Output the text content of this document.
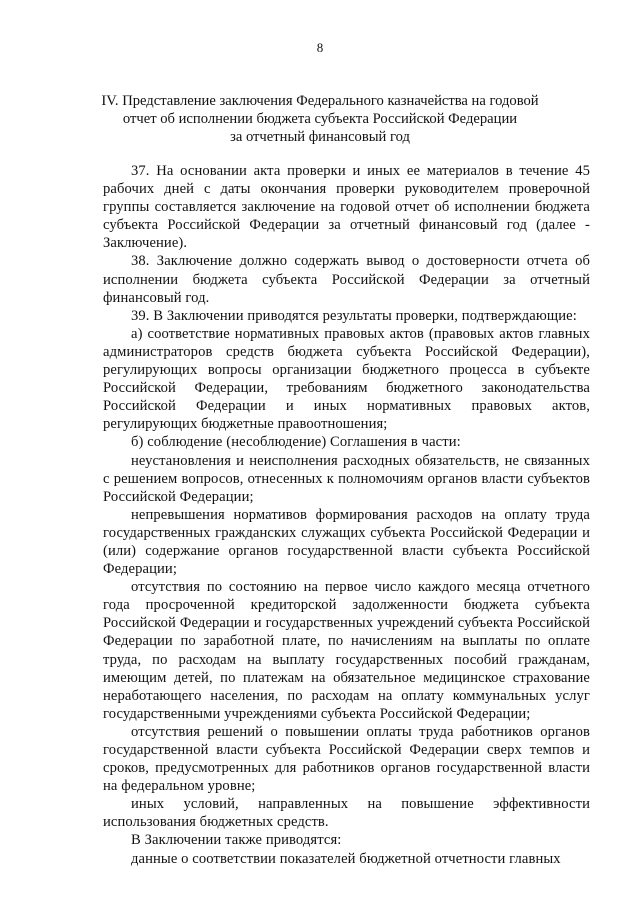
8
IV. Представление заключения Федерального казначейства на годовой
отчет об исполнении бюджета субъекта Российской Федерации
за отчетный финансовый год

37. На основании акта проверки и иных ее материалов в течение 45 рабочих дней с даты окончания проверки руководителем проверочной группы составляется заключение на годовой отчет об исполнении бюджета субъекта Российской Федерации за отчетный финансовый год (далее - Заключение).

38. Заключение должно содержать вывод о достоверности отчета об исполнении бюджета субъекта Российской Федерации за отчетный финансовый год.

39. В Заключении приводятся результаты проверки, подтверждающие:

а) соответствие нормативных правовых актов (правовых актов главных администраторов средств бюджета субъекта Российской Федерации), регулирующих вопросы организации бюджетного процесса в субъекте Российской Федерации, требованиям бюджетного законодательства Российской Федерации и иных нормативных правовых актов, регулирующих бюджетные правоотношения;

б) соблюдение (несоблюдение) Соглашения в части:

неустановления и неисполнения расходных обязательств, не связанных с решением вопросов, отнесенных к полномочиям органов власти субъектов Российской Федерации;

непревышения нормативов формирования расходов на оплату труда государственных гражданских служащих субъекта Российской Федерации и (или) содержание органов государственной власти субъекта Российской Федерации;

отсутствия по состоянию на первое число каждого месяца отчетного года просроченной кредиторской задолженности бюджета субъекта Российской Федерации и государственных учреждений субъекта Российской Федерации по заработной плате, по начислениям на выплаты по оплате труда, по расходам на выплату государственных пособий гражданам, имеющим детей, по платежам на обязательное медицинское страхование неработающего населения, по расходам на оплату коммунальных услуг государственными учреждениями субъекта Российской Федерации;

отсутствия решений о повышении оплаты труда работников органов государственной власти субъекта Российской Федерации сверх темпов и сроков, предусмотренных для работников органов государственной власти на федеральном уровне;

иных условий, направленных на повышение эффективности использования бюджетных средств.

В Заключении также приводятся:

данные о соответствии показателей бюджетной отчетности главных
